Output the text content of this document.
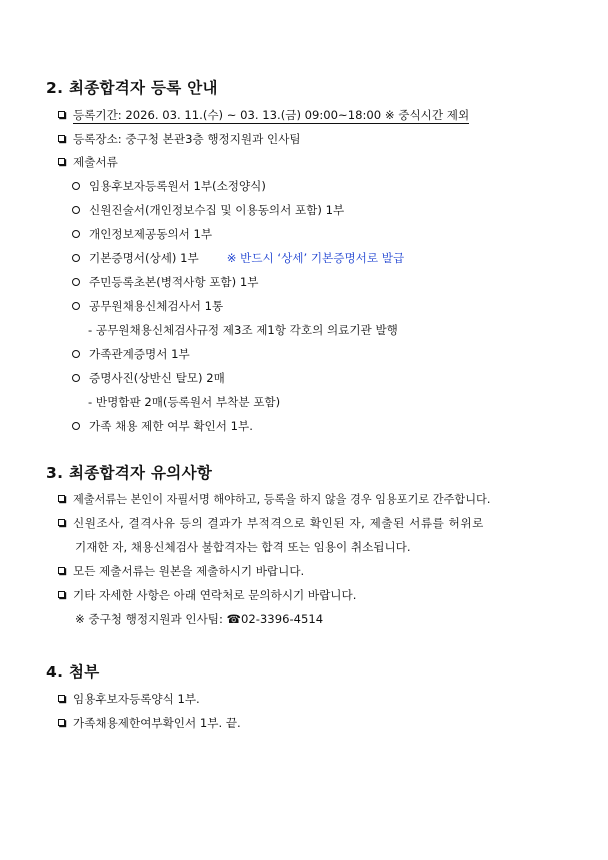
2. 최종합격자 등록 안내
등록기간: 2026. 03. 11.(수) ~ 03. 13.(금) 09:00~18:00 ※ 중식시간 제외
등록장소: 중구청 본관3층 행정지원과 인사팀
제출서류
임용후보자등록원서 1부(소정양식)
신원진술서(개인정보수집 및 이용동의서 포함) 1부
개인정보제공동의서 1부
기본증명서(상세) 1부 ※ 반드시 ‘상세’ 기본증명서로 발급
주민등록초본(병적사항 포함) 1부
공무원채용신체검사서 1통
- 공무원채용신체검사규정 제3조 제1항 각호의 의료기관 발행
가족관계증명서 1부
증명사진(상반신 탈모) 2매
- 반명함판 2매(등록원서 부착분 포함)
가족 채용 제한 여부 확인서 1부.
3. 최종합격자 유의사항
제출서류는 본인이 자필서명 해야하고, 등록을 하지 않을 경우 임용포기로 간주합니다.
신원조사, 결격사유 등의 결과가 부적격으로 확인된 자, 제출된 서류를 허위로
기재한 자, 채용신체검사 불합격자는 합격 또는 임용이 취소됩니다.
모든 제출서류는 원본을 제출하시기 바랍니다.
기타 자세한 사항은 아래 연락처로 문의하시기 바랍니다.
※ 중구청 행정지원과 인사팀: ☎02-3396-4514
4. 첨부
임용후보자등록양식 1부.
가족채용제한여부확인서 1부. 끝.
